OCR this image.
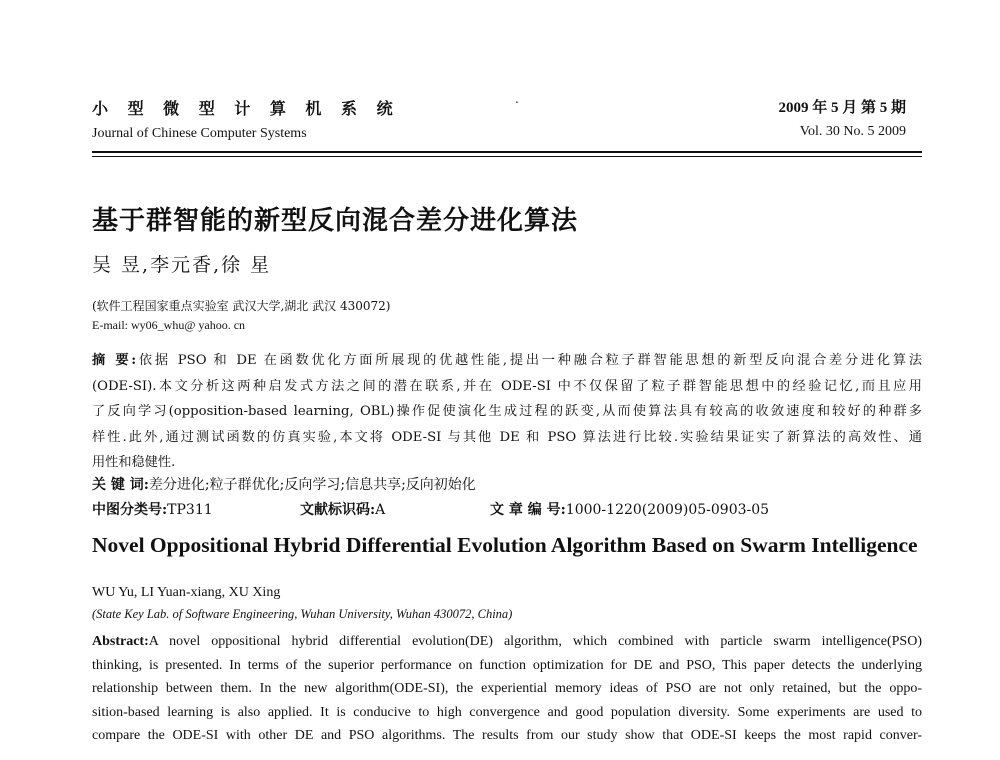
小 型 微 型 计 算 机 系 统
Journal of Chinese Computer Systems
.
2009 年 5 月 第 5 期
Vol. 30 No. 5 2009
基于群智能的新型反向混合差分进化算法
吴 昱,李元香,徐 星
(软件工程国家重点实验室 武汉大学,湖北 武汉 430072)
E-mail: wy06_whu@ yahoo. cn
摘 要:依据 PSO 和 DE 在函数优化方面所展现的优越性能,提出一种融合粒子群智能思想的新型反向混合差分进化算法
(ODE-SI).本文分析这两种启发式方法之间的潜在联系,并在 ODE-SI 中不仅保留了粒子群智能思想中的经验记忆,而且应用
了反向学习(opposition-based learning, OBL)操作促使演化生成过程的跃变,从而使算法具有较高的收敛速度和较好的种群多
样性.此外,通过测试函数的仿真实验,本文将 ODE-SI 与其他 DE 和 PSO 算法进行比较.实验结果证实了新算法的高效性、通
用性和稳健性.
关 键 词:差分进化;粒子群优化;反向学习;信息共享;反向初始化
中图分类号:TP311	文献标识码:A	文 章 编 号:1000-1220(2009)05-0903-05
Novel Oppositional Hybrid Differential Evolution Algorithm Based on Swarm Intelligence
WU Yu, LI Yuan-xiang, XU Xing
(State Key Lab. of Software Engineering, Wuhan University, Wuhan 430072, China)
Abstract:A novel oppositional hybrid differential evolution(DE) algorithm, which combined with particle swarm intelligence(PSO)
thinking, is presented. In terms of the superior performance on function optimization for DE and PSO, This paper detects the underlying
relationship between them. In the new algorithm(ODE-SI), the experiential memory ideas of PSO are not only retained, but the oppo-
sition-based learning is also applied. It is conducive to high convergence and good population diversity. Some experiments are used to
compare the ODE-SI with other DE and PSO algorithms. The results from our study show that ODE-SI keeps the most rapid conver-
